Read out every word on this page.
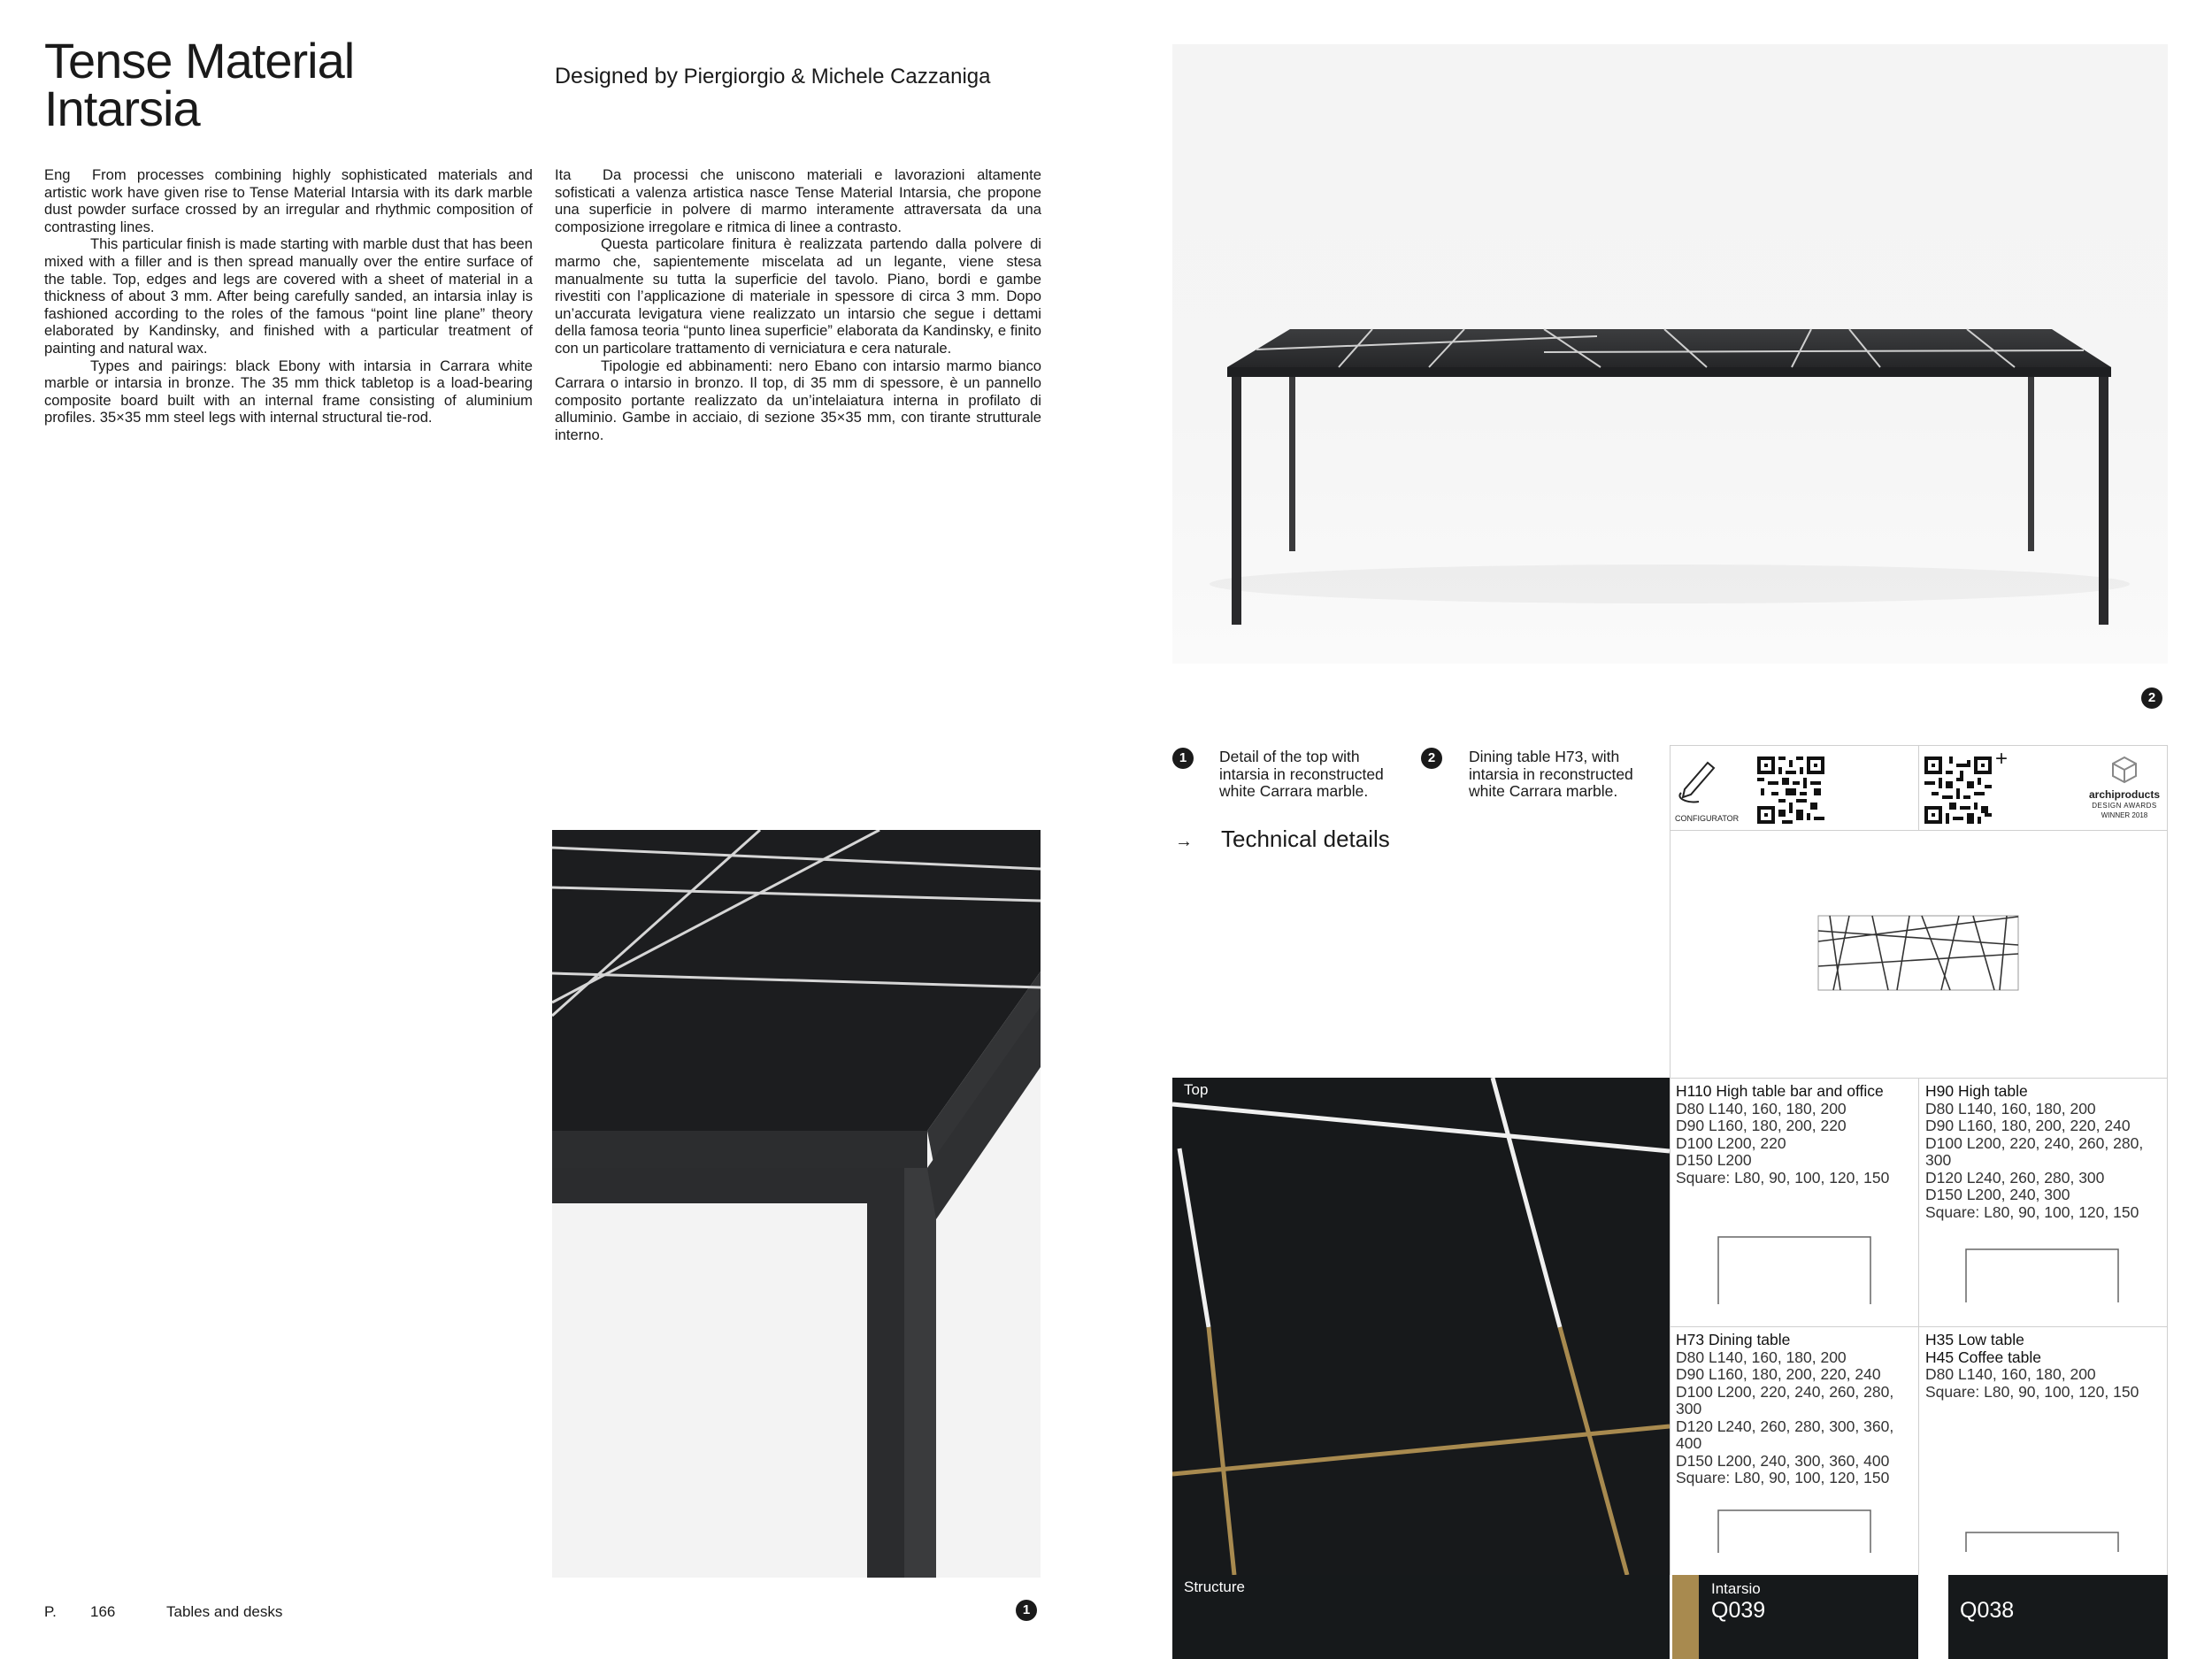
Tense Material
Intarsia
Designed by Piergiorgio & Michele Cazzaniga

Eng From processes combining highly sophisticated materials and artistic work have given rise to Tense Material Intarsia with its dark marble dust powder surface crossed by an irregular and rhythmic composition of contrasting lines.

This particular finish is made starting with marble dust that has been mixed with a filler and is then spread manually over the entire surface of the table. Top, edges and legs are covered with a sheet of material in a thickness of about 3 mm. After being carefully sanded, an intarsia inlay is fashioned according to the roles of the famous “point line plane” theory elaborated by Kandinsky, and finished with a particular treatment of painting and natural wax.

Types and pairings: black Ebony with intarsia in Carrara white marble or intarsia in bronze. The 35 mm thick tabletop is a load-bearing composite board built with an internal frame consisting of aluminium profiles. 35×35 mm steel legs with internal structural tie-rod.

Ita Da processi che uniscono materiali e lavorazioni altamente sofisticati a valenza artistica nasce Tense Material Intarsia, che propone una superficie in polvere di marmo interamente attraversata da una composizione irregolare e ritmica di linee a contrasto.

Questa particolare finitura è realizzata partendo dalla polvere di marmo che, sapientemente miscelata ad un legante, viene stesa manualmente su tutta la superficie del tavolo. Piano, bordi e gambe rivestiti con l’applicazione di materiale in spessore di circa 3 mm. Dopo un’accurata levigatura viene realizzato un intarsio che segue i dettami della famosa teoria “punto linea superficie” elaborata da Kandinsky, e finito con un particolare trattamento di verniciatura e cera naturale.

Tipologie ed abbinamenti: nero Ebano con intarsio marmo bianco Carrara o intarsio in bronzo. Il top, di 35 mm di spessore, è un pannello composito portante realizzato da un’intelaiatura interna in profilato di alluminio. Gambe in acciaio, di sezione 35×35 mm, con tirante strutturale interno.

2
1
1	Detail of the top with
intarsia in reconstructed
white Carrara marble.
2	Dining table H73, with
intarsia in reconstructed
white Carrara marble.
→ Technical details
CONFIGURATOR
+
archiproducts
DESIGN AWARDS
WINNER 2018
H110 High table bar and office
D80 L140, 160, 180, 200
D90 L160, 180, 200, 220
D100 L200, 220
D150 L200
Square: L80, 90, 100, 120, 150
H90 High table
D80 L140, 160, 180, 200
D90 L160, 180, 200, 220, 240
D100 L200, 220, 240, 260, 280, 300
D120 L240, 260, 280, 300
D150 L200, 240, 300
Square: L80, 90, 100, 120, 150
H73 Dining table
D80 L140, 160, 180, 200
D90 L160, 180, 200, 220, 240
D100 L200, 220, 240, 260, 280, 300
D120 L240, 260, 280, 300, 360, 400
D150 L200, 240, 300, 360, 400
Square: L80, 90, 100, 120, 150
H35 Low table
H45 Coffee table
D80 L140, 160, 180, 200
Square: L80, 90, 100, 120, 150
Top
Structure	Intarsio
Q039	Q038
P. 166	Tables and desks
